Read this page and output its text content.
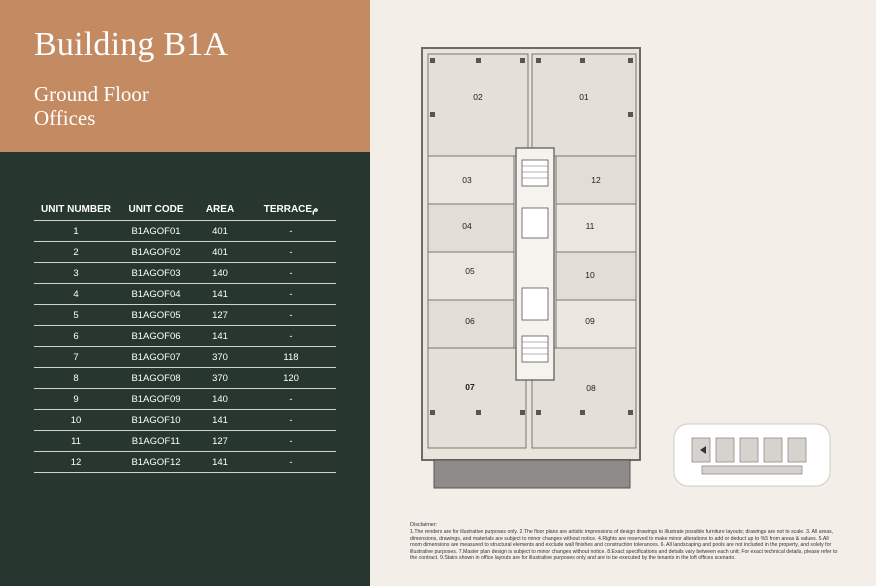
Building B1A
Ground Floor
Offices
UNIT NUMBER	UNIT CODE	AREA	TERRACEم
1	B1AGOF01	401	-
2	B1AGOF02	401	-
3	B1AGOF03	140	-
4	B1AGOF04	141	-
5	B1AGOF05	127	-
6	B1AGOF06	141	-
7	B1AGOF07	370	118
8	B1AGOF08	370	120
9	B1AGOF09	140	-
10	B1AGOF10	141	-
11	B1AGOF11	127	-
12	B1AGOF12	141	-
02	01
03
04
05
06
12
11
10
09
07	08
Disclaimer:
1.The renders are for illustrative purposes only. 2.The floor plans are artistic impressions of design drawings to illustrate possible furniture layouts; drawings are not to scale. 3. All areas, dimensions, drawings, and materials are subject to minor changes without notice. 4.Rights are reserved to make minor alterations to add or deduct up to %5 from areas & values. 5.All room dimensions are measured to structural elements and exclude wall finishes and construction tolerances. 6. All landscaping and pools are not included in the property, and solely for illustrative purposes. 7.Master plan design is subject to minor changes without notice. 8.Exact specifications and details vary between each unit; For exact technical details, please refer to the contract. 9.Stairs shown in office layouts are for illustrative purposes only and are to be executed by the tenants in the loft offices scenario.
